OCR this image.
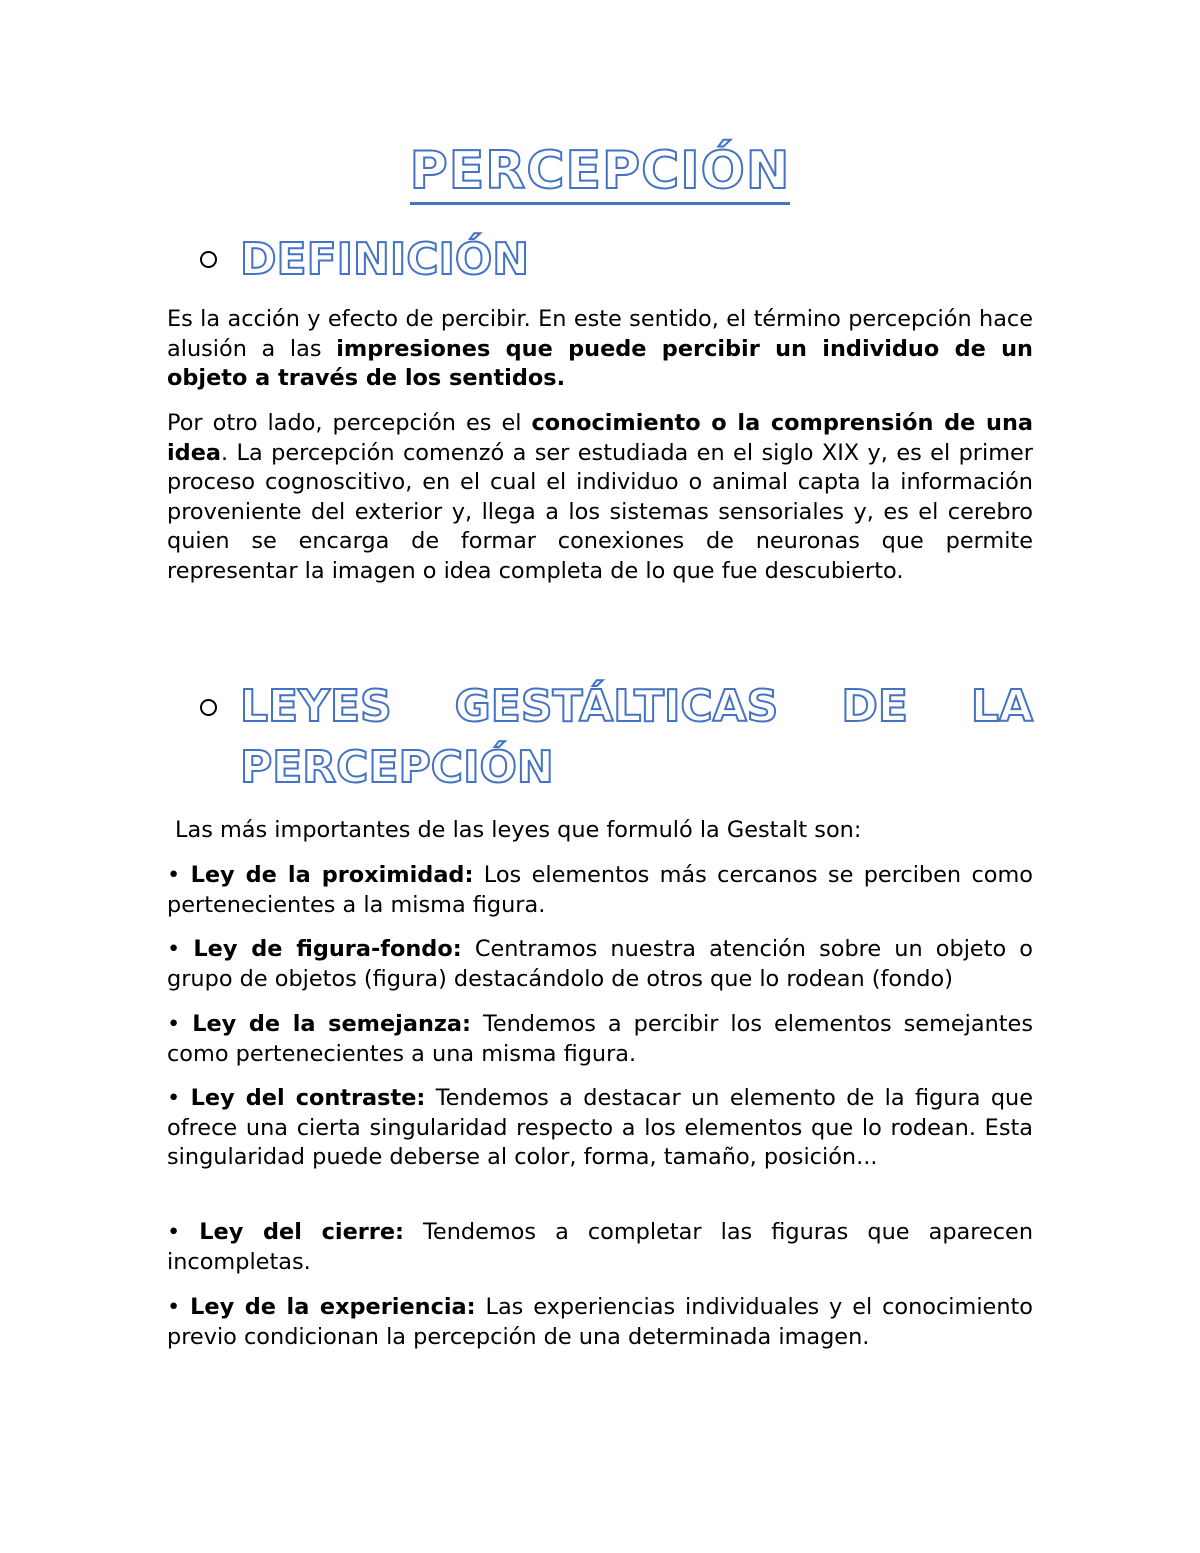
PERCEPCIÓN
DEFINICIÓN

Es la acción y efecto de percibir. En este sentido, el término percepción hace alusión a las impresiones que puede percibir un individuo de un objeto a través de los sentidos.

Por otro lado, percepción es el conocimiento o la comprensión de una idea. La percepción comenzó a ser estudiada en el siglo XIX y, es el primer proceso cognoscitivo, en el cual el individuo o animal capta la información proveniente del exterior y, llega a los sistemas sensoriales y, es el cerebro quien se encarga de formar conexiones de neuronas que permite representar la imagen o idea completa de lo que fue descubierto.

LEYES GESTÁLTICAS DE LA PERCEPCIÓN

Las más importantes de las leyes que formuló la Gestalt son:

• Ley de la proximidad: Los elementos más cercanos se perciben como pertenecientes a la misma figura.

• Ley de figura-fondo: Centramos nuestra atención sobre un objeto o grupo de objetos (figura) destacándolo de otros que lo rodean (fondo)

• Ley de la semejanza: Tendemos a percibir los elementos semejantes como pertenecientes a una misma figura.

• Ley del contraste: Tendemos a destacar un elemento de la figura que ofrece una cierta singularidad respecto a los elementos que lo rodean. Esta singularidad puede deberse al color, forma, tamaño, posición...

• Ley del cierre: Tendemos a completar las figuras que aparecen incompletas.

• Ley de la experiencia: Las experiencias individuales y el conocimiento previo condicionan la percepción de una determinada imagen.
